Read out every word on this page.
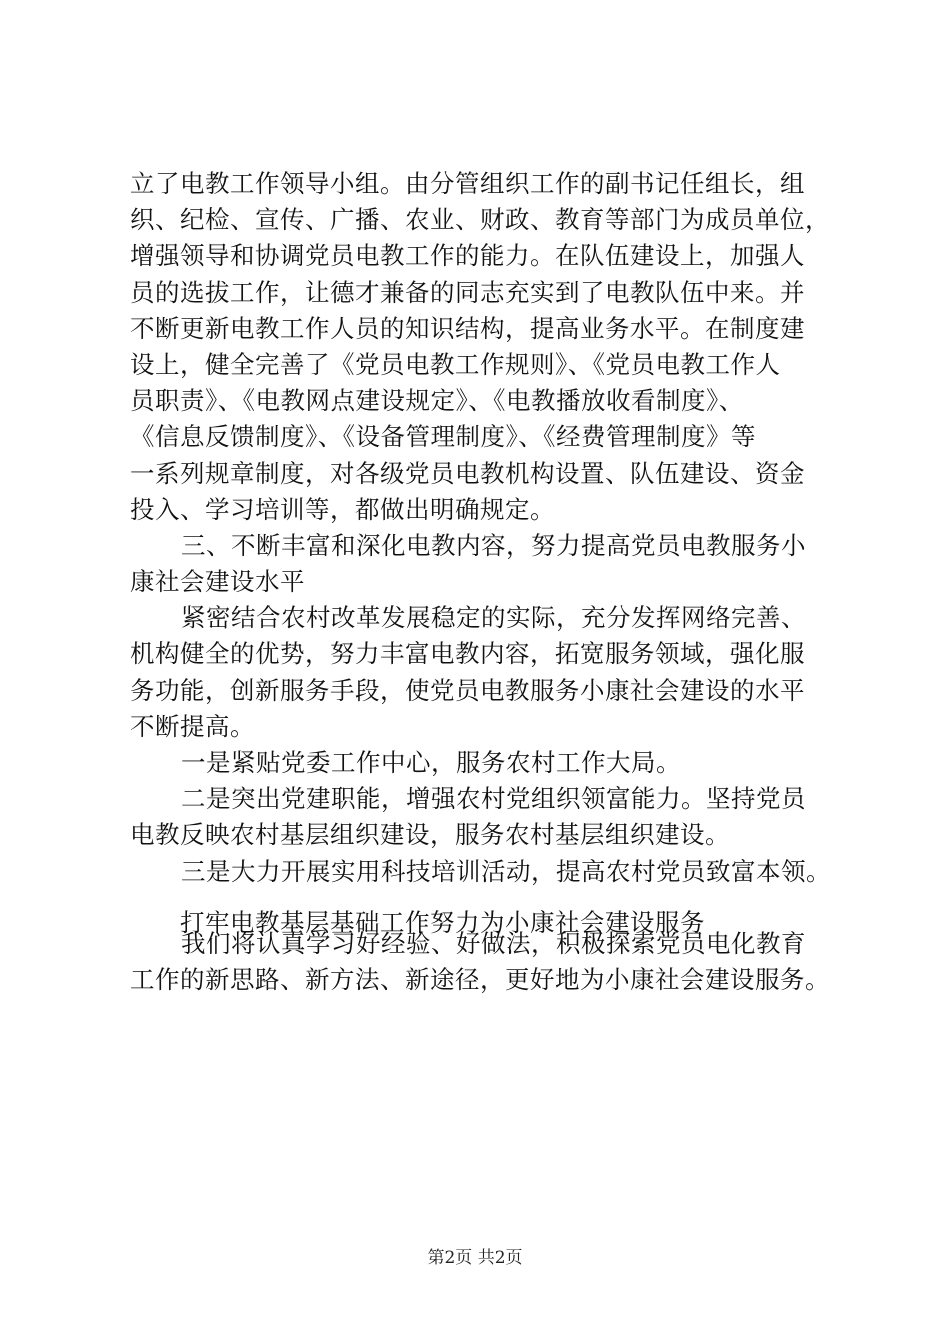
立了电教工作领导小组。由分管组织工作的副书记任组长，组
织、纪检、宣传、广播、农业、财政、教育等部门为成员单位，
增强领导和协调党员电教工作的能力。在队伍建设上，加强人
员的选拔工作，让德才兼备的同志充实到了电教队伍中来。并
不断更新电教工作人员的知识结构，提高业务水平。在制度建
设上，健全完善了《党员电教工作规则》、《党员电教工作人
员职责》、《电教网点建设规定》、《电教播放收看制度》、
《信息反馈制度》、《设备管理制度》、《经费管理制度》等
一系列规章制度，对各级党员电教机构设置、队伍建设、资金
投入、学习培训等，都做出明确规定。
三、不断丰富和深化电教内容，努力提高党员电教服务小
康社会建设水平
紧密结合农村改革发展稳定的实际，充分发挥网络完善、
机构健全的优势，努力丰富电教内容，拓宽服务领域，强化服
务功能，创新服务手段，使党员电教服务小康社会建设的水平
不断提高。
一是紧贴党委工作中心，服务农村工作大局。
二是突出党建职能，增强农村党组织领富能力。坚持党员
电教反映农村基层组织建设，服务农村基层组织建设。
三是大力开展实用科技培训活动，提高农村党员致富本领。
我们将认真学习好经验、好做法，积极探索党员电化教育
工作的新思路、新方法、新途径，更好地为小康社会建设服务。
打牢电教基层基础工作努力为小康社会建设服务
第2页 共2页
